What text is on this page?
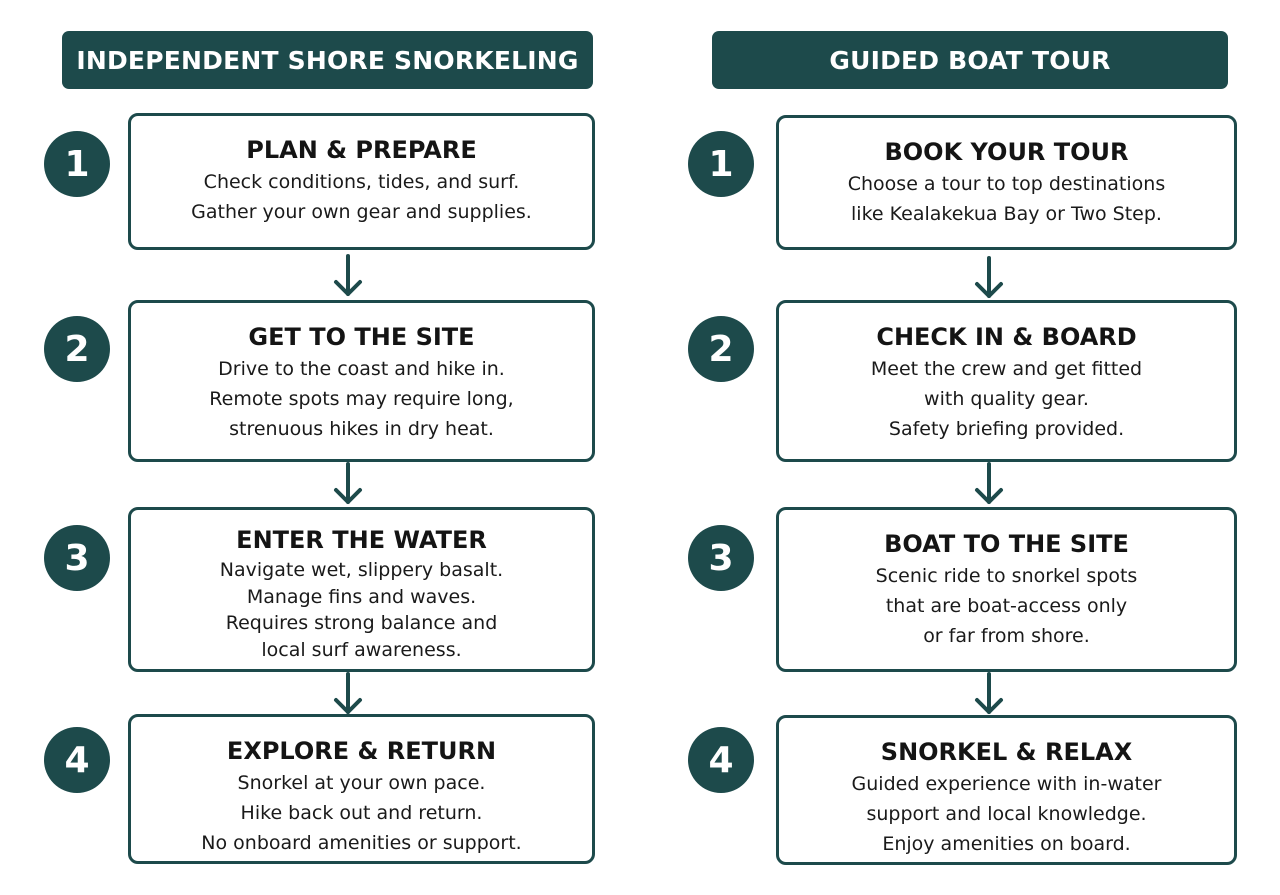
INDEPENDENT SHORE SNORKELING
1	PLAN & PREPARE
Check conditions, tides, and surf.
Gather your own gear and supplies.
2	GET TO THE SITE
Drive to the coast and hike in.
Remote spots may require long,
strenuous hikes in dry heat.
3	ENTER THE WATER
Navigate wet, slippery basalt.
Manage fins and waves.
Requires strong balance and
local surf awareness.
4	EXPLORE & RETURN
Snorkel at your own pace.
Hike back out and return.
No onboard amenities or support.
GUIDED BOAT TOUR
1	BOOK YOUR TOUR
Choose a tour to top destinations
like Kealakekua Bay or Two Step.
2	CHECK IN & BOARD
Meet the crew and get fitted
with quality gear.
Safety briefing provided.
3	BOAT TO THE SITE
Scenic ride to snorkel spots
that are boat-access only
or far from shore.
4	SNORKEL & RELAX
Guided experience with in-water
support and local knowledge.
Enjoy amenities on board.
